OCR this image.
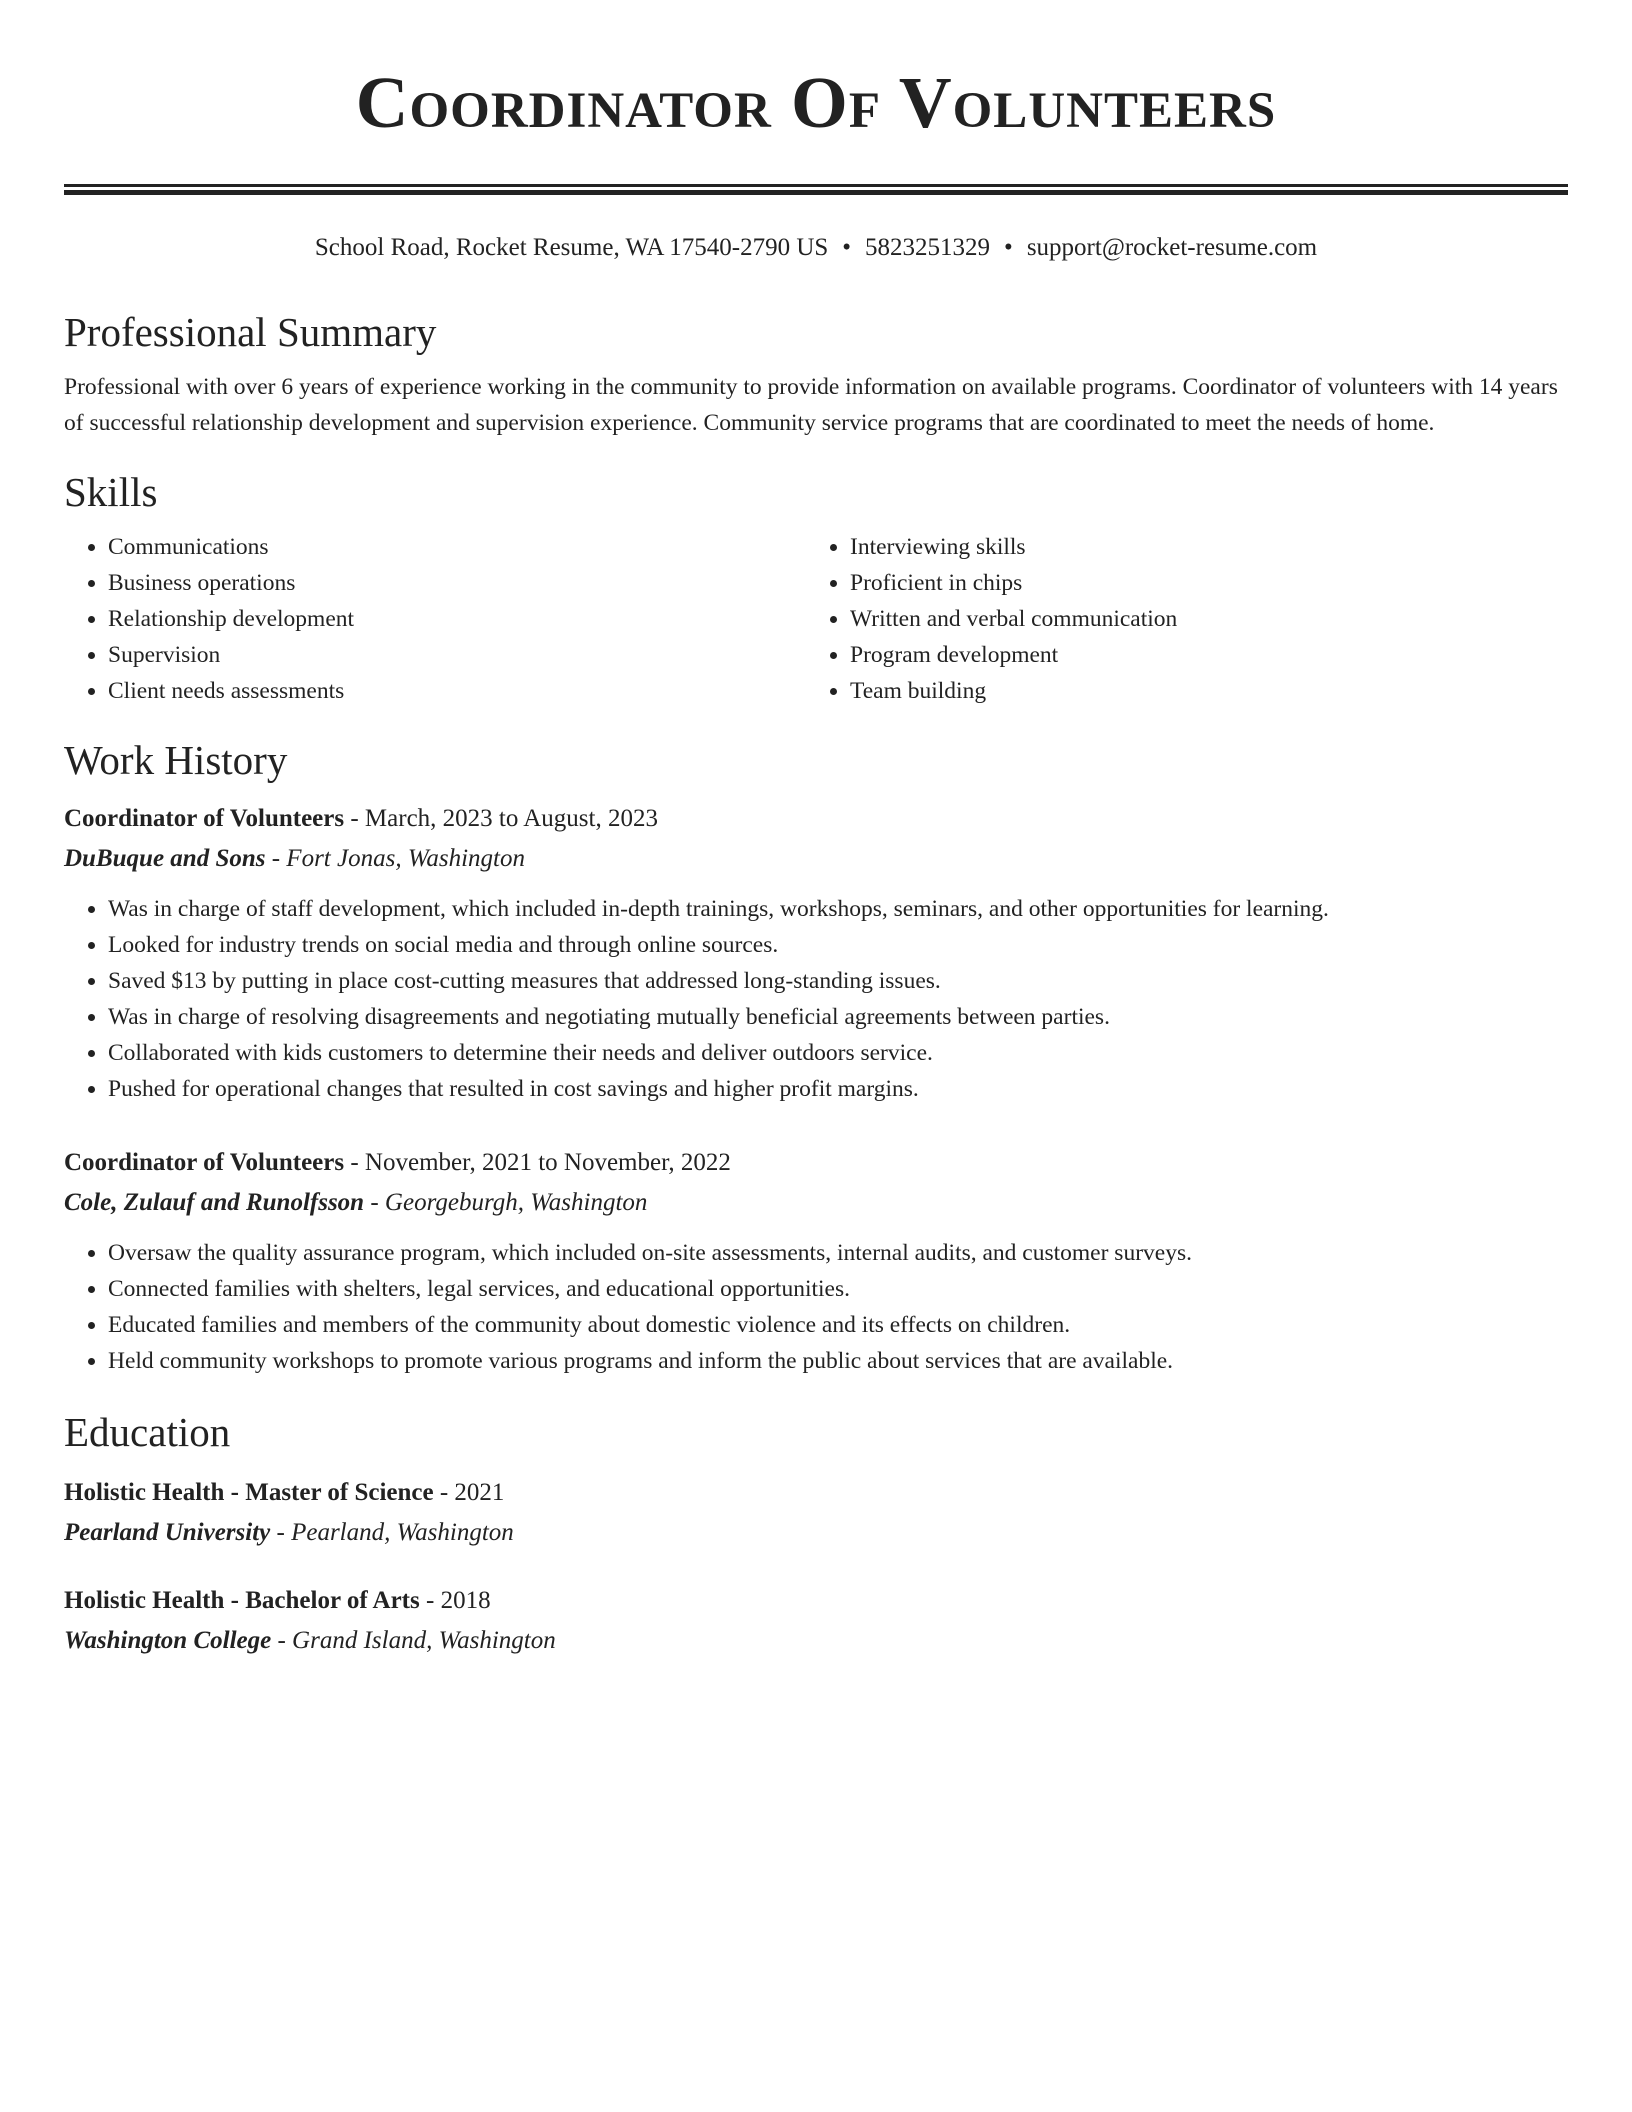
Coordinator Of Volunteers
School Road, Rocket Resume, WA 17540-2790 US • 5823251329 • support@rocket-resume.com
Professional Summary
Professional with over 6 years of experience working in the community to provide information on available programs. Coordinator of volunteers with 14 years of successful relationship development and supervision experience. Community service programs that are coordinated to meet the needs of home.
Skills
• Communications
• Business operations
• Relationship development
• Supervision
• Client needs assessments
• Interviewing skills
• Proficient in chips
• Written and verbal communication
• Program development
• Team building
Work History
Coordinator of Volunteers - March, 2023 to August, 2023
DuBuque and Sons - Fort Jonas, Washington
• Was in charge of staff development, which included in-depth trainings, workshops, seminars, and other opportunities for learning.
• Looked for industry trends on social media and through online sources.
• Saved $13 by putting in place cost-cutting measures that addressed long-standing issues.
• Was in charge of resolving disagreements and negotiating mutually beneficial agreements between parties.
• Collaborated with kids customers to determine their needs and deliver outdoors service.
• Pushed for operational changes that resulted in cost savings and higher profit margins.
Coordinator of Volunteers - November, 2021 to November, 2022
Cole, Zulauf and Runolfsson - Georgeburgh, Washington
• Oversaw the quality assurance program, which included on-site assessments, internal audits, and customer surveys.
• Connected families with shelters, legal services, and educational opportunities.
• Educated families and members of the community about domestic violence and its effects on children.
• Held community workshops to promote various programs and inform the public about services that are available.
Education
Holistic Health - Master of Science - 2021
Pearland University - Pearland, Washington
Holistic Health - Bachelor of Arts - 2018
Washington College - Grand Island, Washington
